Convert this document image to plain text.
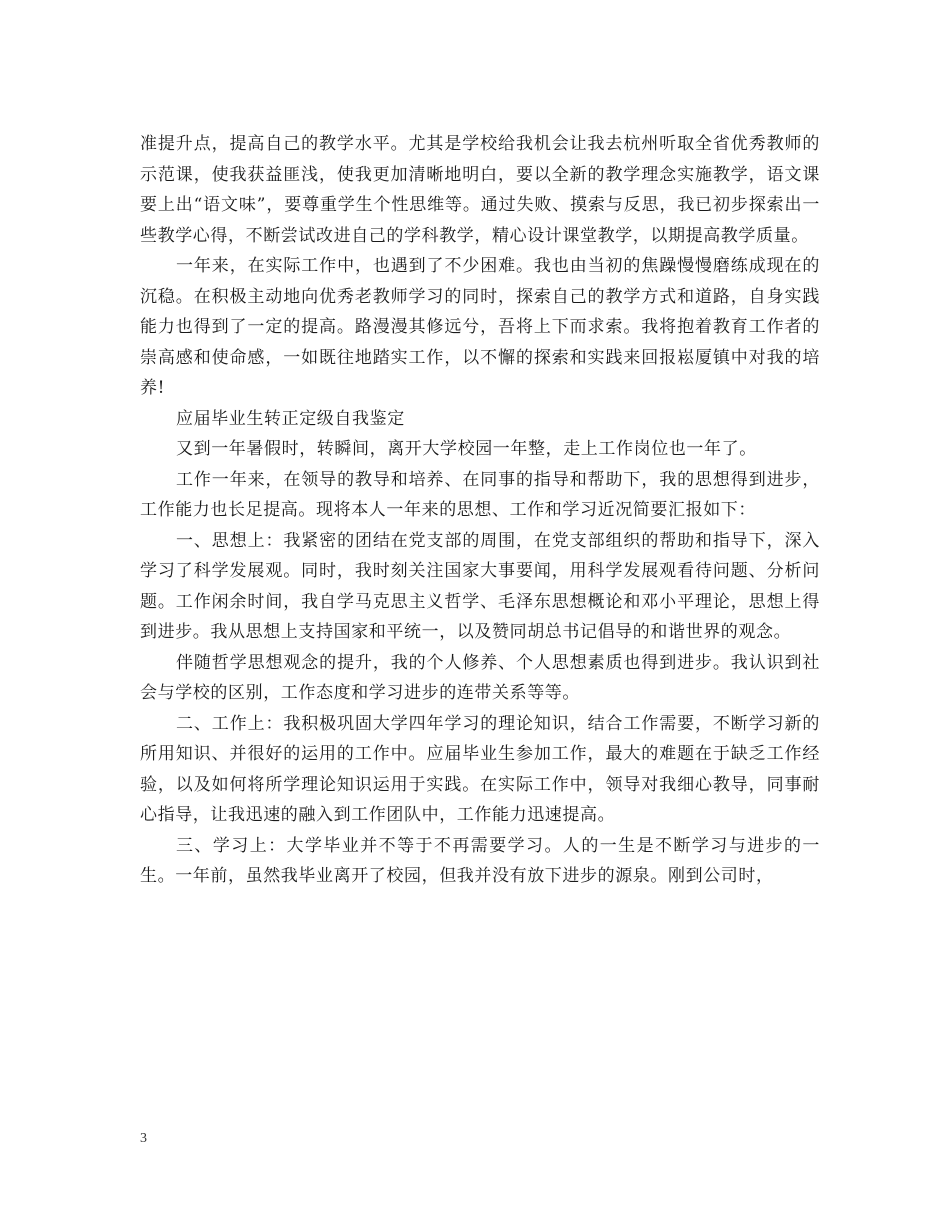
准提升点，提高自己的教学水平。尤其是学校给我机会让我去杭州听取全省优秀教师的示范课，使我获益匪浅，使我更加清晰地明白，要以全新的教学理念实施教学，语文课要上出“语文味”，要尊重学生个性思维等。通过失败、摸索与反思，我已初步探索出一些教学心得，不断尝试改进自己的学科教学，精心设计课堂教学，以期提高教学质量。

一年来，在实际工作中，也遇到了不少困难。我也由当初的焦躁慢慢磨练成现在的沉稳。在积极主动地向优秀老教师学习的同时，探索自己的教学方式和道路，自身实践能力也得到了一定的提高。路漫漫其修远兮，吾将上下而求索。我将抱着教育工作者的崇高感和使命感，一如既往地踏实工作，以不懈的探索和实践来回报崧厦镇中对我的培养!

应届毕业生转正定级自我鉴定

又到一年暑假时，转瞬间，离开大学校园一年整，走上工作岗位也一年了。

工作一年来，在领导的教导和培养、在同事的指导和帮助下，我的思想得到进步，工作能力也长足提高。现将本人一年来的思想、工作和学习近况简要汇报如下：

一、思想上：我紧密的团结在党支部的周围，在党支部组织的帮助和指导下，深入学习了科学发展观。同时，我时刻关注国家大事要闻，用科学发展观看待问题、分析问题。工作闲余时间，我自学马克思主义哲学、毛泽东思想概论和邓小平理论，思想上得到进步。我从思想上支持国家和平统一，以及赞同胡总书记倡导的和谐世界的观念。

伴随哲学思想观念的提升，我的个人修养、个人思想素质也得到进步。我认识到社会与学校的区别，工作态度和学习进步的连带关系等等。

二、工作上：我积极巩固大学四年学习的理论知识，结合工作需要，不断学习新的所用知识、并很好的运用的工作中。应届毕业生参加工作，最大的难题在于缺乏工作经验，以及如何将所学理论知识运用于实践。在实际工作中，领导对我细心教导，同事耐心指导，让我迅速的融入到工作团队中，工作能力迅速提高。

三、学习上：大学毕业并不等于不再需要学习。人的一生是不断学习与进步的一生。一年前，虽然我毕业离开了校园，但我并没有放下进步的源泉。刚到公司时，

3
